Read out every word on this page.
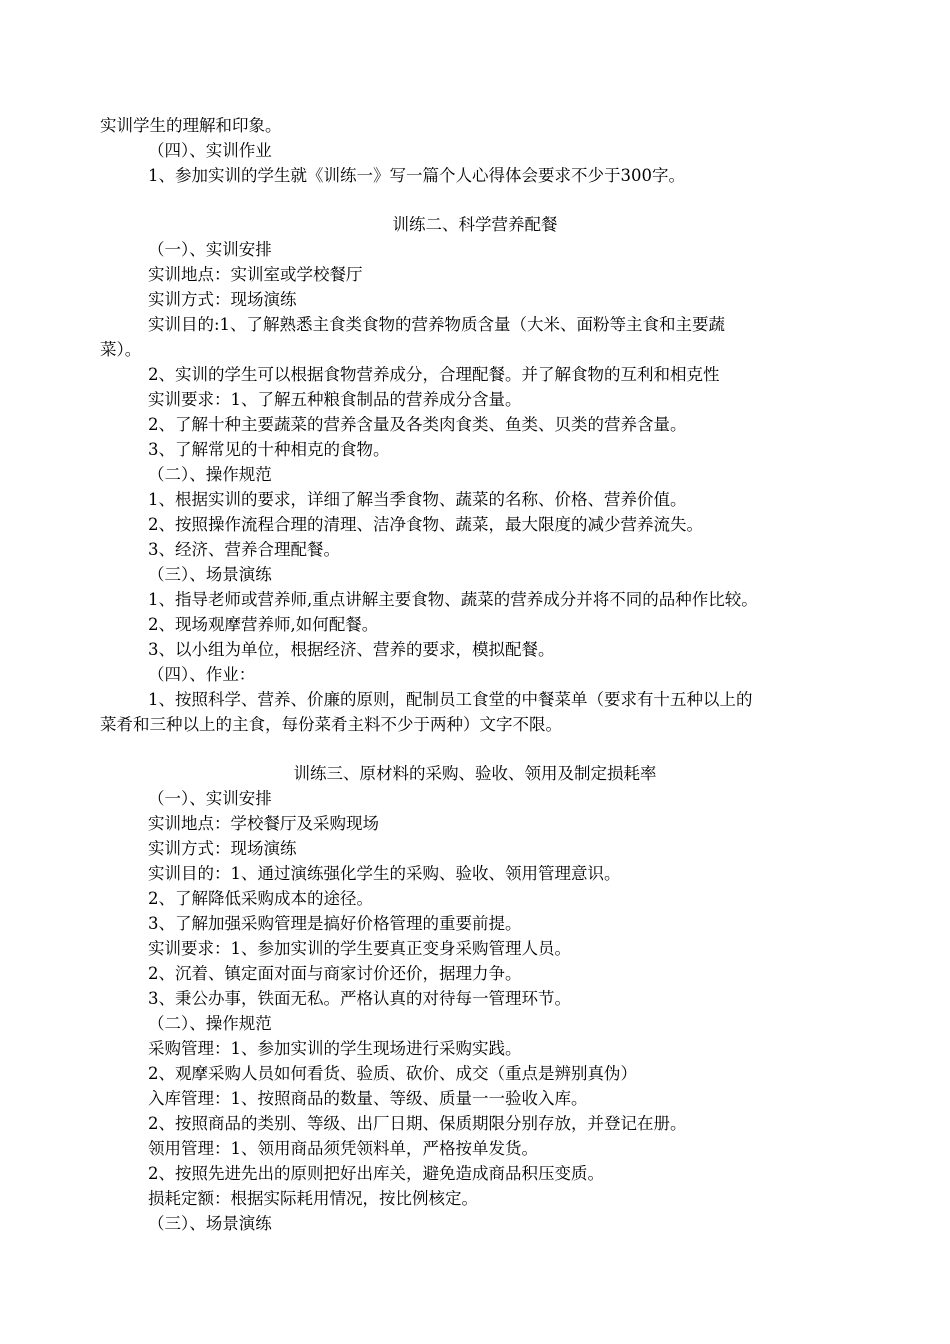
实训学生的理解和印象。
（四）、实训作业
1、参加实训的学生就《训练一》写一篇个人心得体会要求不少于300字。
训练二、科学营养配餐
（一）、实训安排
实训地点：实训室或学校餐厅
实训方式：现场演练
实训目的:1、了解熟悉主食类食物的营养物质含量（大米、面粉等主食和主要蔬
菜）。
2、实训的学生可以根据食物营养成分，合理配餐。并了解食物的互利和相克性
实训要求：1、了解五种粮食制品的营养成分含量。
2、了解十种主要蔬菜的营养含量及各类肉食类、鱼类、贝类的营养含量。
3、了解常见的十种相克的食物。
（二）、操作规范
1、根据实训的要求，详细了解当季食物、蔬菜的名称、价格、营养价值。
2、按照操作流程合理的清理、洁净食物、蔬菜，最大限度的减少营养流失。
3、经济、营养合理配餐。
（三）、场景演练
1、指导老师或营养师,重点讲解主要食物、蔬菜的营养成分并将不同的品种作比较。
2、现场观摩营养师,如何配餐。
3、以小组为单位，根据经济、营养的要求，模拟配餐。
（四）、作业：
1、按照科学、营养、价廉的原则，配制员工食堂的中餐菜单（要求有十五种以上的
菜肴和三种以上的主食，每份菜肴主料不少于两种）文字不限。
训练三、原材料的采购、验收、领用及制定损耗率
（一）、实训安排
实训地点：学校餐厅及采购现场
实训方式：现场演练
实训目的：1、通过演练强化学生的采购、验收、领用管理意识。
2、了解降低采购成本的途径。
3、了解加强采购管理是搞好价格管理的重要前提。
实训要求：1、参加实训的学生要真正变身采购管理人员。
2、沉着、镇定面对面与商家讨价还价，据理力争。
3、秉公办事，铁面无私。严格认真的对待每一管理环节。
（二）、操作规范
采购管理：1、参加实训的学生现场进行采购实践。
2、观摩采购人员如何看货、验质、砍价、成交（重点是辨别真伪）
入库管理：1、按照商品的数量、等级、质量一一验收入库。
2、按照商品的类别、等级、出厂日期、保质期限分别存放，并登记在册。
领用管理：1、领用商品须凭领料单，严格按单发货。
2、按照先进先出的原则把好出库关，避免造成商品积压变质。
损耗定额：根据实际耗用情况，按比例核定。
（三）、场景演练
